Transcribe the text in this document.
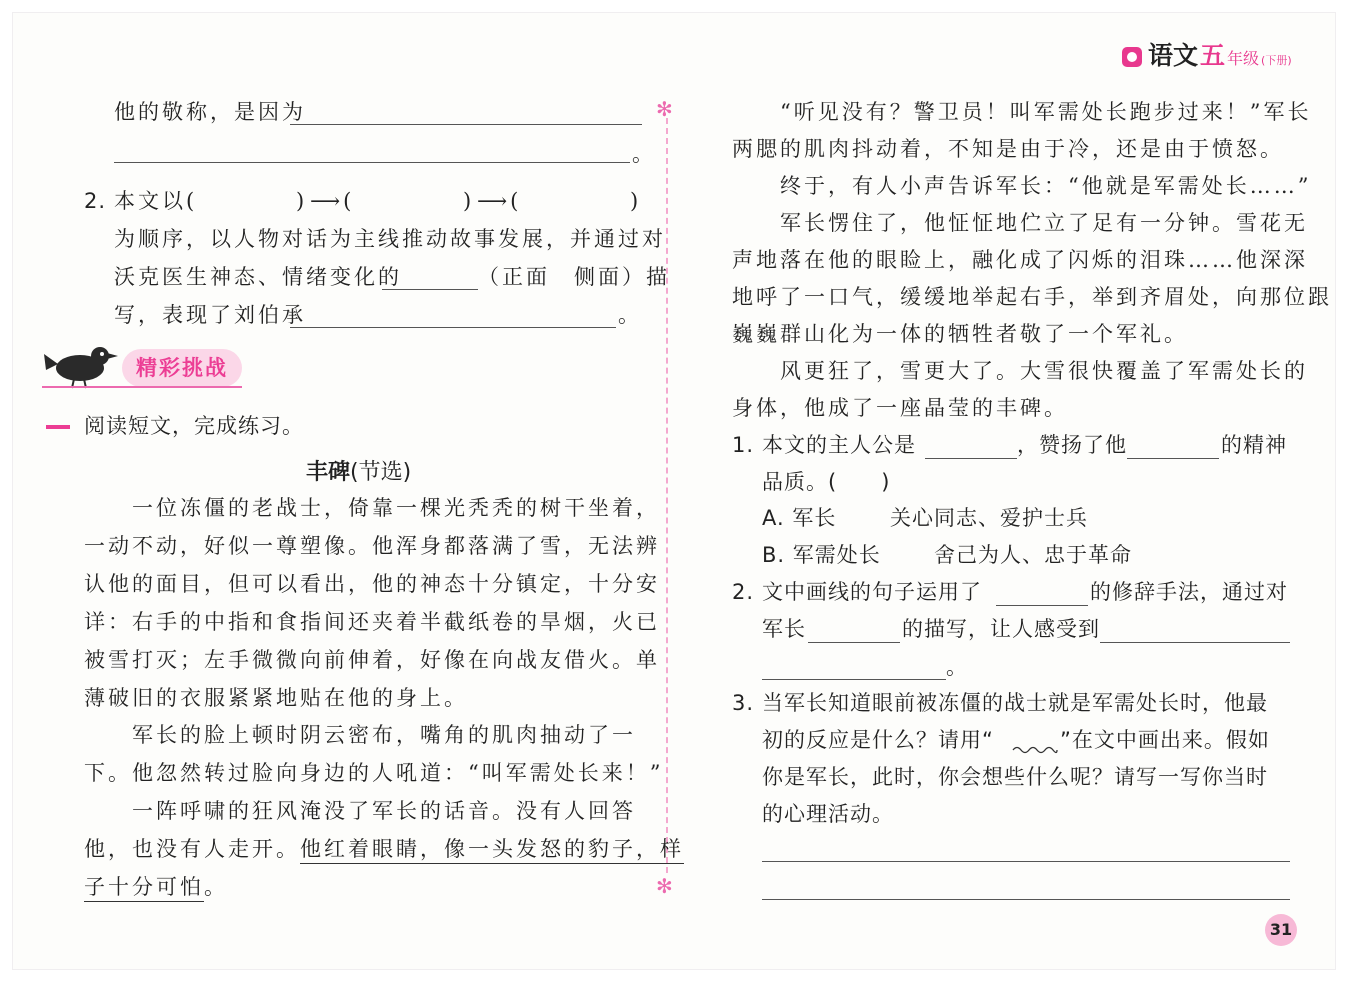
语文 五 年级 (下册)
✻
✻
他的敬称，是因为
。
2. 本文以(	) ⟶(	) ⟶(	)
为顺序，以人物对话为主线推动故事发展，并通过对
沃克医生神态、情绪变化的	（正面　侧面）描
写，表现了刘伯承	。
精彩挑战
阅读短文，完成练习。
丰碑(节选)
一位冻僵的老战士，倚靠一棵光秃秃的树干坐着，
一动不动，好似一尊塑像。他浑身都落满了雪，无法辨
认他的面目，但可以看出，他的神态十分镇定，十分安
详：右手的中指和食指间还夹着半截纸卷的旱烟，火已
被雪打灭；左手微微向前伸着，好像在向战友借火。单
薄破旧的衣服紧紧地贴在他的身上。
军长的脸上顿时阴云密布，嘴角的肌肉抽动了一
下。他忽然转过脸向身边的人吼道：“叫军需处长来！”
一阵呼啸的狂风淹没了军长的话音。没有人回答
他，也没有人走开。他红着眼睛，像一头发怒的豹子，样
子十分可怕。
“听见没有？警卫员！叫军需处长跑步过来！”军长
两腮的肌肉抖动着，不知是由于冷，还是由于愤怒。
终于，有人小声告诉军长：“他就是军需处长……”
军长愣住了，他怔怔地伫立了足有一分钟。雪花无
声地落在他的眼睑上，融化成了闪烁的泪珠……他深深
地呼了一口气，缓缓地举起右手，举到齐眉处，向那位跟
巍巍群山化为一体的牺牲者敬了一个军礼。
风更狂了，雪更大了。大雪很快覆盖了军需处长的
身体，他成了一座晶莹的丰碑。
1. 本文的主人公是	，赞扬了他	的精神
品质。(　　)
A. 军长	关心同志、爱护士兵
B. 军需处长	舍己为人、忠于革命
2. 文中画线的句子运用了	的修辞手法，通过对
军长	的描写，让人感受到
。
3. 当军长知道眼前被冻僵的战士就是军需处长时，他最
初的反应是什么？请用“	”在文中画出来。假如
你是军长，此时，你会想些什么呢？请写一写你当时
的心理活动。
31
